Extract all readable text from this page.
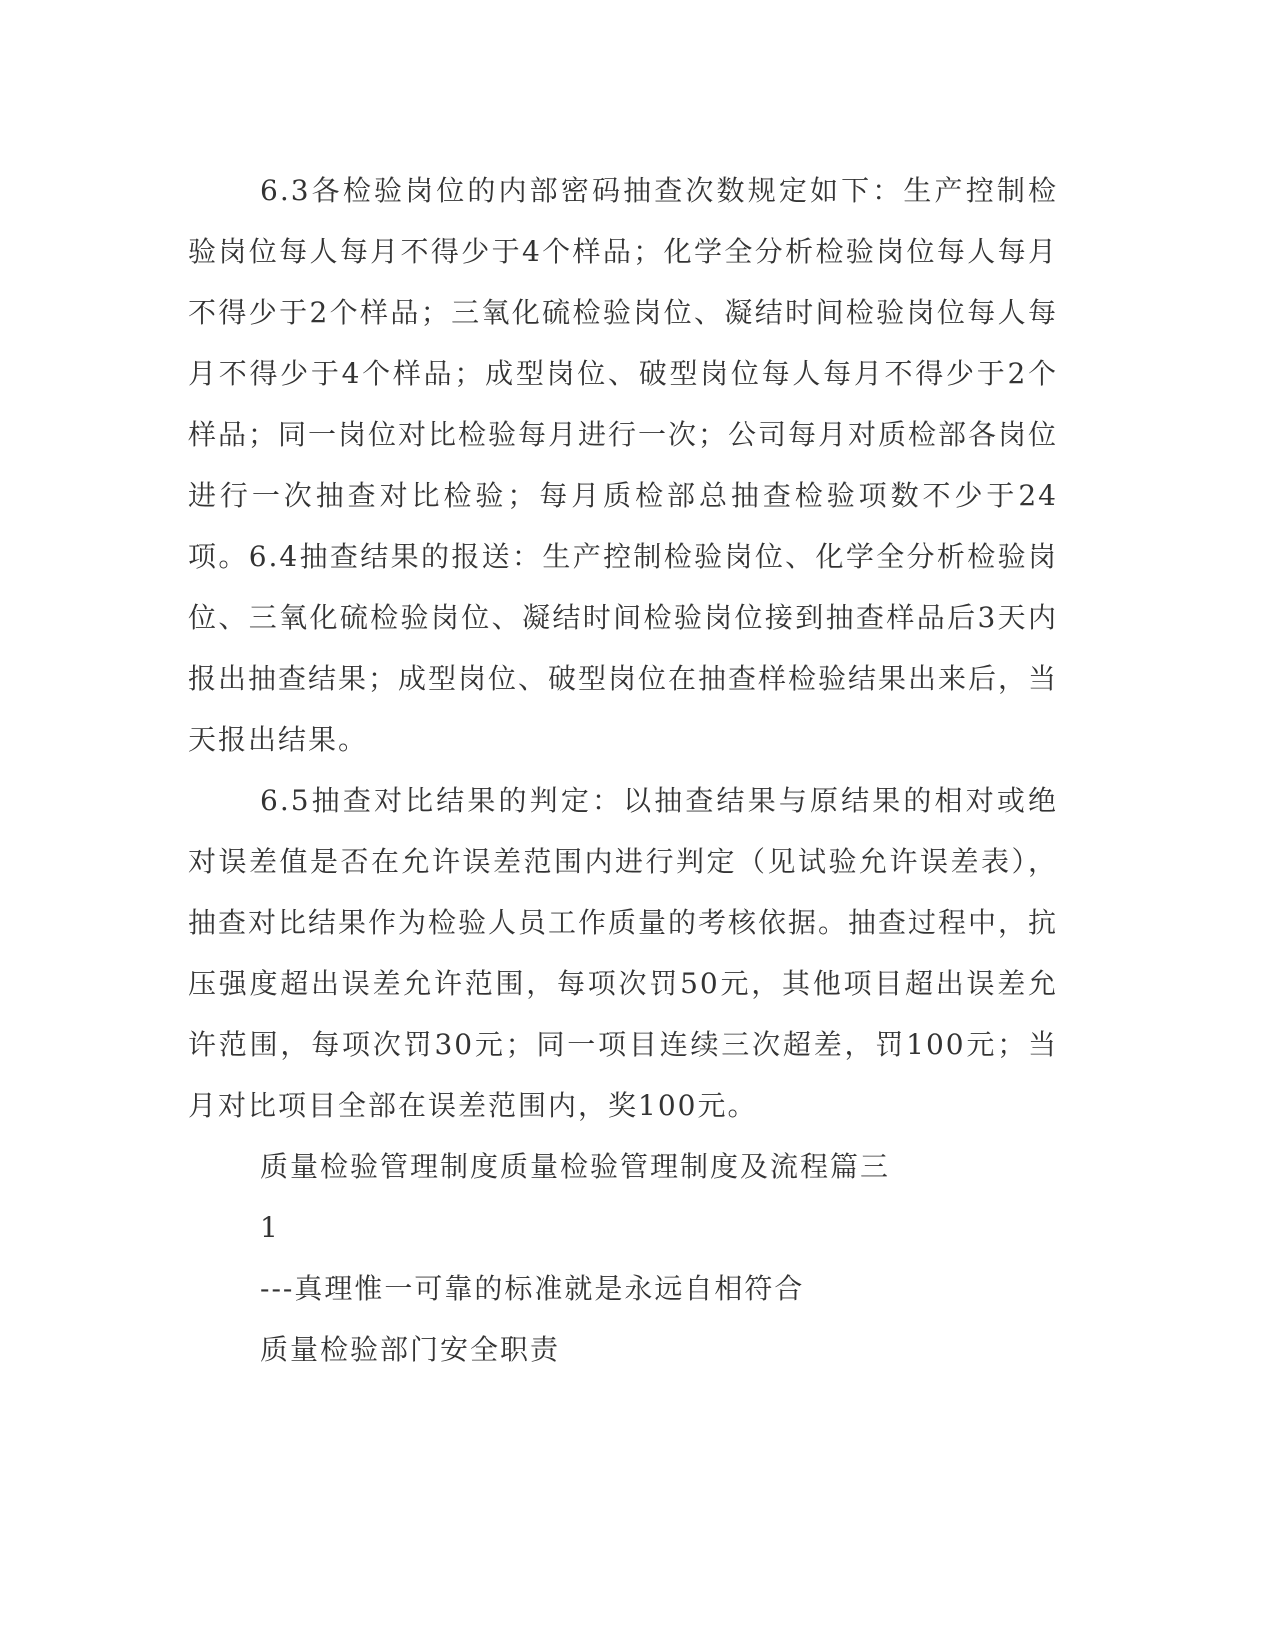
6.3各检验岗位的内部密码抽查次数规定如下：生产控制检验岗位每人每月不得少于4个样品；化学全分析检验岗位每人每月不得少于2个样品；三氧化硫检验岗位、凝结时间检验岗位每人每月不得少于4个样品；成型岗位、破型岗位每人每月不得少于2个样品；同一岗位对比检验每月进行一次；公司每月对质检部各岗位进行一次抽查对比检验；每月质检部总抽查检验项数不少于24项。6.4抽查结果的报送：生产控制检验岗位、化学全分析检验岗位、三氧化硫检验岗位、凝结时间检验岗位接到抽查样品后3天内报出抽查结果；成型岗位、破型岗位在抽查样检验结果出来后，当天报出结果。

6.5抽查对比结果的判定：以抽查结果与原结果的相对或绝对误差值是否在允许误差范围内进行判定（见试验允许误差表），抽查对比结果作为检验人员工作质量的考核依据。抽查过程中，抗压强度超出误差允许范围，每项次罚50元，其他项目超出误差允许范围，每项次罚30元；同一项目连续三次超差，罚100元；当月对比项目全部在误差范围内，奖100元。

质量检验管理制度质量检验管理制度及流程篇三

1

---真理惟一可靠的标准就是永远自相符合

质量检验部门安全职责
